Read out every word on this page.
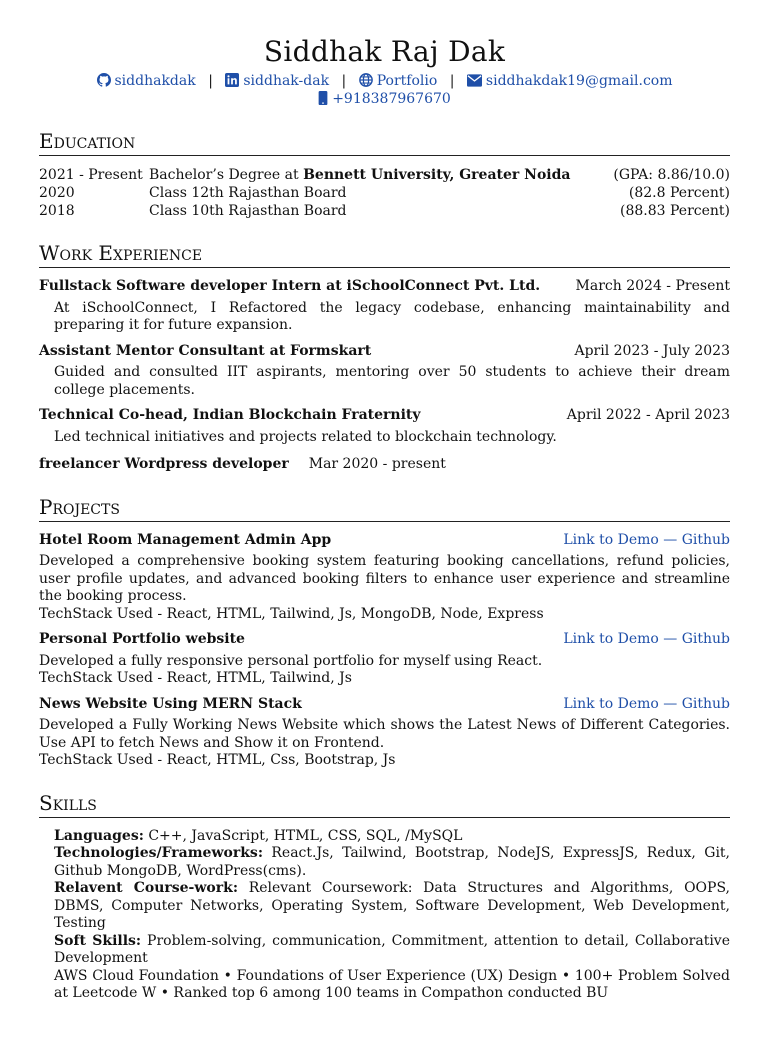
Siddhak Raj Dak
siddhakdak | siddhak-dak | Portfolio | siddhakdak19@gmail.com
+918387967670
Education
2021 - Present	Bachelor’s Degree at Bennett University, Greater Noida	(GPA: 8.86/10.0)
2020	Class 12th Rajasthan Board	(82.8 Percent)
2018	Class 10th Rajasthan Board	(88.83 Percent)
Work Experience
Fullstack Software developer Intern at iSchoolConnect Pvt. Ltd.	March 2024 - Present
At iSchoolConnect, I Refactored the legacy codebase, enhancing maintainability and preparing it for future expansion.
Assistant Mentor Consultant at Formskart	April 2023 - July 2023
Guided and consulted IIT aspirants, mentoring over 50 students to achieve their dream college placements.
Technical Co-head, Indian Blockchain Fraternity	April 2022 - April 2023
Led technical initiatives and projects related to blockchain technology.
freelancer Wordpress developer Mar 2020 - present
Projects
Hotel Room Management Admin App	Link to Demo — Github
Developed a comprehensive booking system featuring booking cancellations, refund policies, user profile updates, and advanced booking filters to enhance user experience and streamline the booking process.
TechStack Used - React, HTML, Tailwind, Js, MongoDB, Node, Express
Personal Portfolio website	Link to Demo — Github
Developed a fully responsive personal portfolio for myself using React.
TechStack Used - React, HTML, Tailwind, Js
News Website Using MERN Stack	Link to Demo — Github
Developed a Fully Working News Website which shows the Latest News of Different Categories. Use API to fetch News and Show it on Frontend.
TechStack Used - React, HTML, Css, Bootstrap, Js
Skills
Languages: C++, JavaScript, HTML, CSS, SQL, /MySQL
Technologies/Frameworks: React.Js, Tailwind, Bootstrap, NodeJS, ExpressJS, Redux, Git, Github MongoDB, WordPress(cms).
Relavent Course-work: Relevant Coursework: Data Structures and Algorithms, OOPS, DBMS, Computer Networks, Operating System, Software Development, Web Development, Testing
Soft Skills: Problem-solving, communication, Commitment, attention to detail, Collaborative Development
AWS Cloud Foundation • Foundations of User Experience (UX) Design • 100+ Problem Solved at Leetcode W • Ranked top 6 among 100 teams in Compathon conducted BU
